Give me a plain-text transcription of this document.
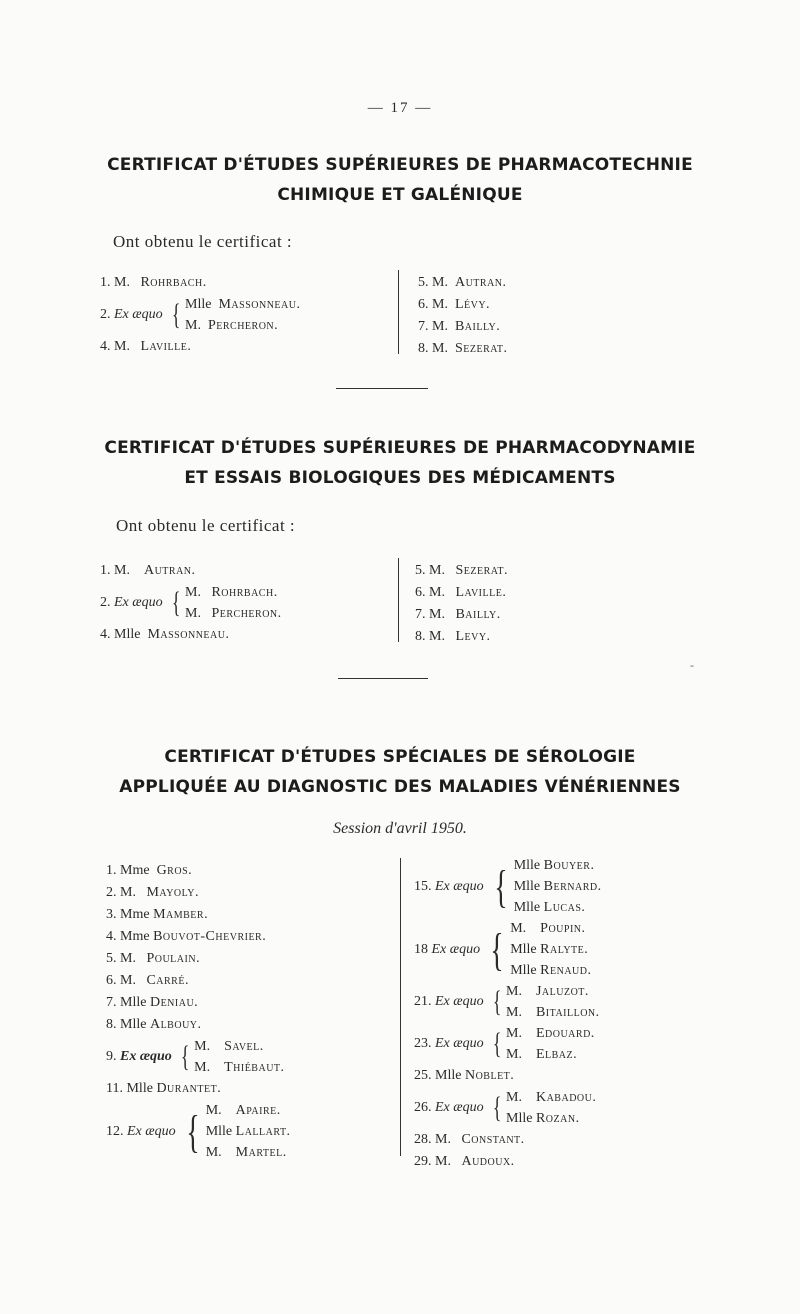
— 17 —
CERTIFICAT D'ÉTUDES SUPÉRIEURES DE PHARMACOTECHNIE
CHIMIQUE ET GALÉNIQUE
Ont obtenu le certificat :
1. M. Rohrbach.
2.
Ex æquo { Mlle Massonneau.
M. Percheron.
4. M. Laville.
5. M. Autran.
6. M. Lévy.
7. M. Bailly.
8. M. Sezerat.
CERTIFICAT D'ÉTUDES SUPÉRIEURES DE PHARMACODYNAMIE
ET ESSAIS BIOLOGIQUES DES MÉDICAMENTS
Ont obtenu le certificat :
1. M. Autran.
2.
Ex æquo { M. Rohrbach.
M. Percheron.
4. Mlle Massonneau.
5. M. Sezerat.
6. M. Laville.
7. M. Bailly.
8. M. Levy.
-
CERTIFICAT D'ÉTUDES SPÉCIALES DE SÉROLOGIE
APPLIQUÉE AU DIAGNOSTIC DES MALADIES VÉNÉRIENNES
Session d'avril 1950.
1. Mme Gros.
2. M. Mayoly.
3. Mme Mamber.
4. Mme Bouvot-Chevrier.
5. M. Poulain.
6. M. Carré.
7. Mlle Deniau.
8. Mlle Albouy.
9.
Ex æquo { M. Savel.
M. Thiébaut.
11. Mlle Durantet.
12.
Ex æquo { M. Apaire.
Mlle Lallart.
M. Martel.
15.
Ex æquo { Mlle Bouyer.
Mlle Bernard.
Mlle Lucas.
18
Ex æquo { M. Poupin.
Mlle Ralyte.
Mlle Renaud.
21.
Ex æquo { M. Jaluzot.
M. Bitaillon.
23.
Ex æquo { M. Edouard.
M. Elbaz.
25. Mlle Noblet.
26.
Ex æquo { M. Kabadou.
Mlle Rozan.
28. M. Constant.
29. M. Audoux.
